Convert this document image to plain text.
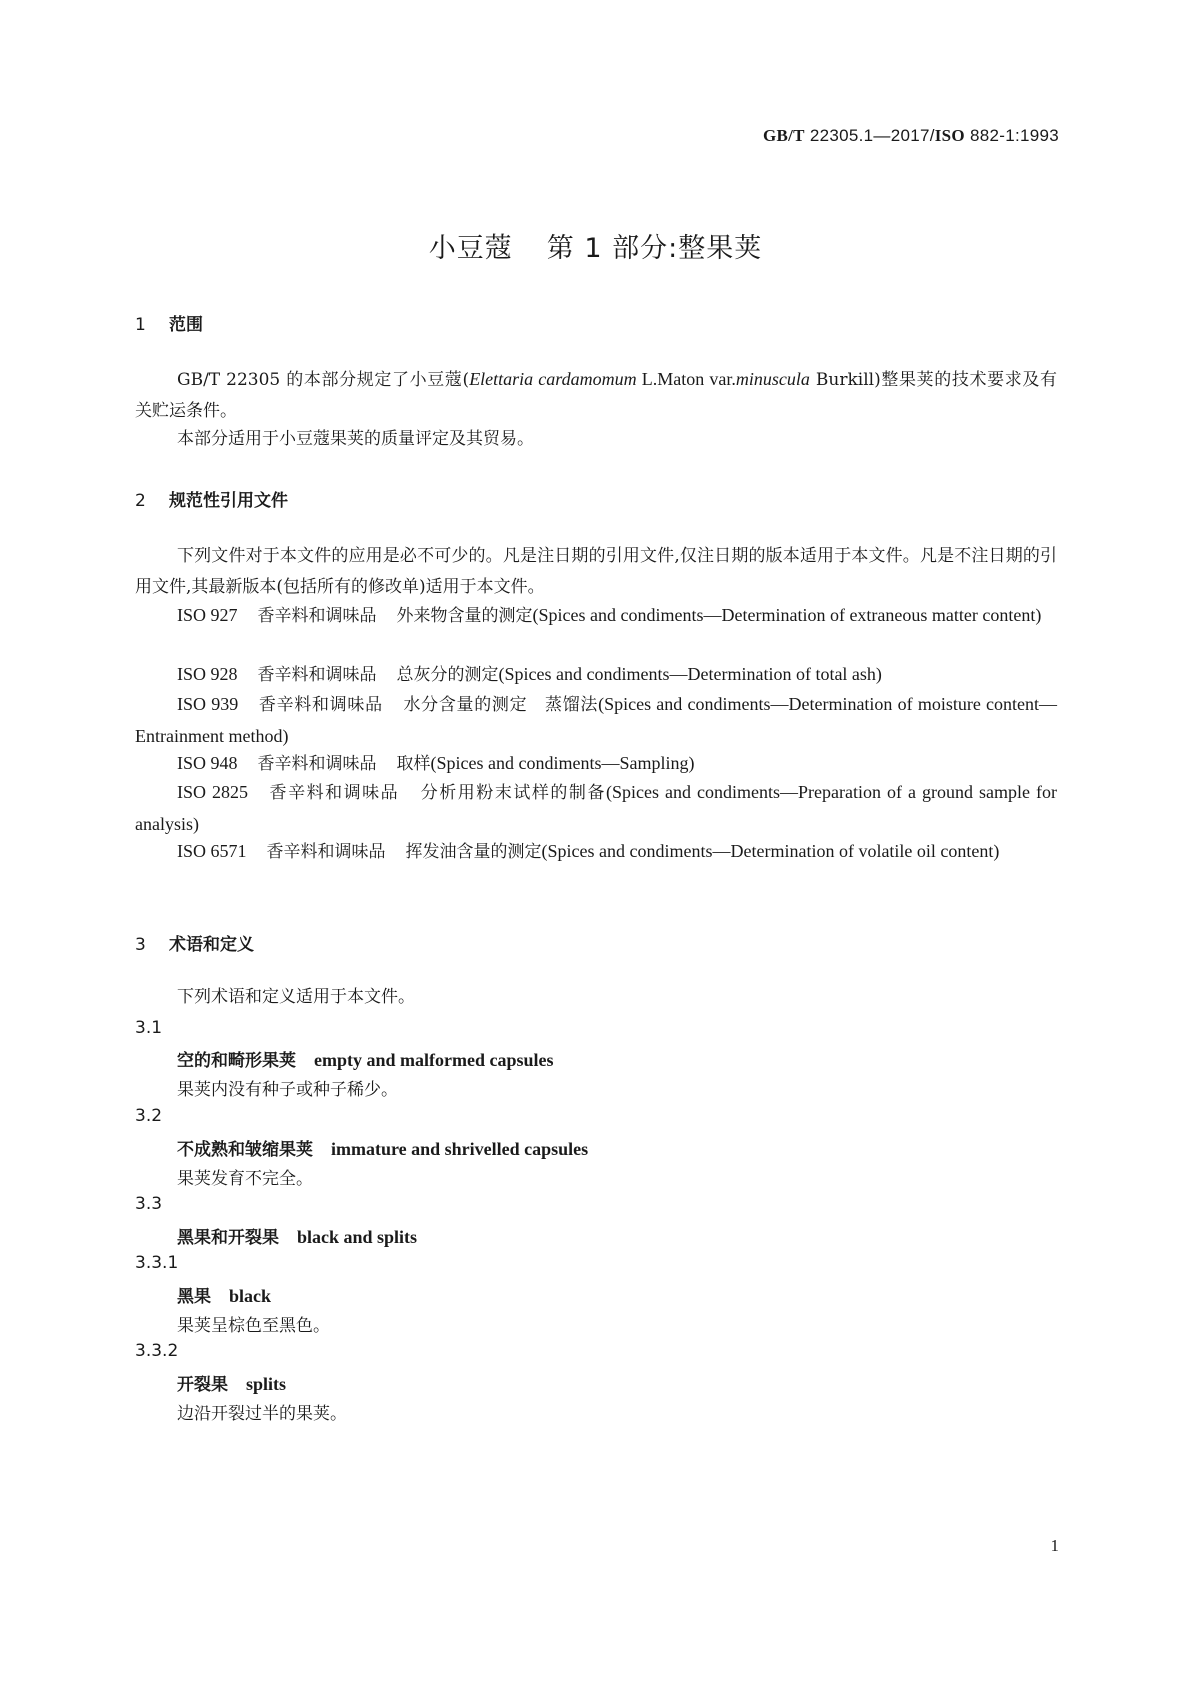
GB/T 22305.1—2017/ISO 882-1:1993
小豆蔻 第 1 部分:整果荚
1 范围
GB/T 22305 的本部分规定了小豆蔻(Elettaria cardamomum L.Maton var.minuscula Burkill)整果荚的技术要求及有关贮运条件。
本部分适用于小豆蔻果荚的质量评定及其贸易。
2 规范性引用文件
下列文件对于本文件的应用是必不可少的。凡是注日期的引用文件,仅注日期的版本适用于本文件。凡是不注日期的引用文件,其最新版本(包括所有的修改单)适用于本文件。
ISO 927 香辛料和调味品 外来物含量的测定(Spices and condiments—Determination of extraneous matter content)
ISO 928 香辛料和调味品 总灰分的测定(Spices and condiments—Determination of total ash)
ISO 939 香辛料和调味品 水分含量的测定　蒸馏法(Spices and condiments—Determination of moisture content—Entrainment method)
ISO 948 香辛料和调味品 取样(Spices and condiments—Sampling)
ISO 2825 香辛料和调味品 分析用粉末试样的制备(Spices and condiments—Preparation of a ground sample for analysis)
ISO 6571 香辛料和调味品 挥发油含量的测定(Spices and condiments—Determination of volatile oil content)
3 术语和定义
下列术语和定义适用于本文件。
3.1
空的和畸形果荚 empty and malformed capsules
果荚内没有种子或种子稀少。
3.2
不成熟和皱缩果荚 immature and shrivelled capsules
果荚发育不完全。
3.3
黑果和开裂果 black and splits
3.3.1
黑果 black
果荚呈棕色至黑色。
3.3.2
开裂果 splits
边沿开裂过半的果荚。
1
